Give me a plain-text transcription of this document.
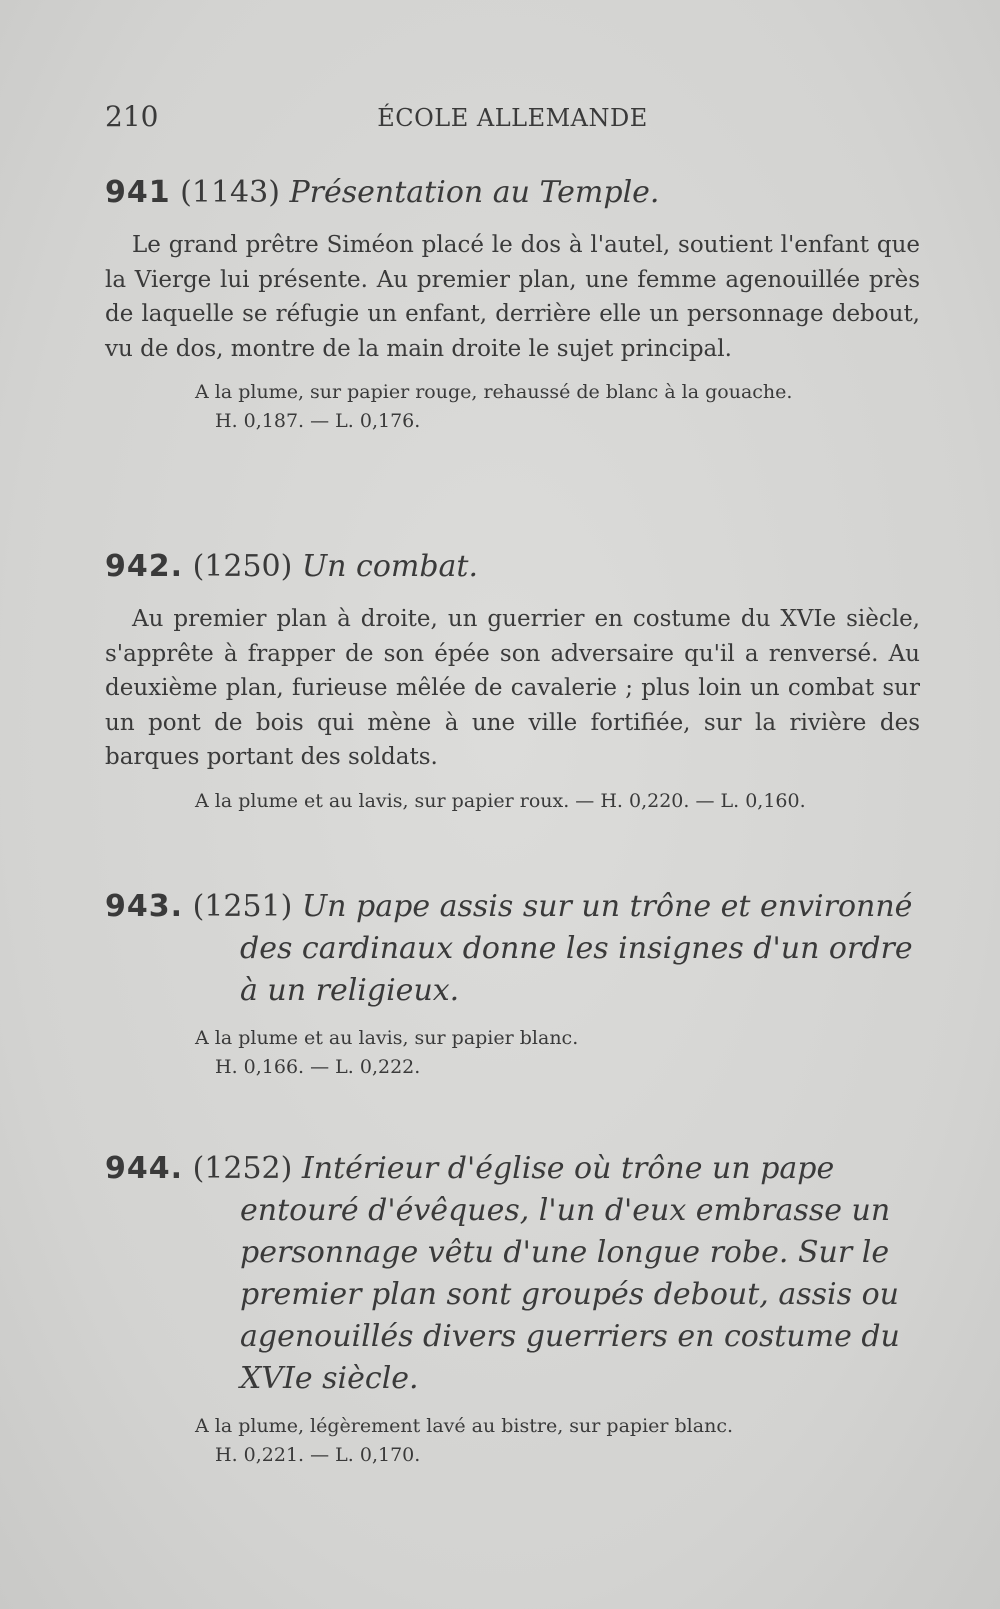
210	ÉCOLE ALLEMANDE

941 (1143) Présentation au Temple.

Le grand prêtre Siméon placé le dos à l'autel, soutient l'enfant que la Vierge lui présente. Au premier plan, une femme agenouillée près de laquelle se réfugie un enfant, derrière elle un personnage debout, vu de dos, montre de la main droite le sujet principal.

A la plume, sur papier rouge, rehaussé de blanc à la gouache.
H. 0,187. — L. 0,176.

942. (1250) Un combat.

Au premier plan à droite, un guerrier en costume du XVIe siècle, s'apprête à frapper de son épée son adversaire qu'il a renversé. Au deuxième plan, furieuse mêlée de cavalerie ; plus loin un combat sur un pont de bois qui mène à une ville fortifiée, sur la rivière des barques portant des soldats.

A la plume et au lavis, sur papier roux. — H. 0,220. — L. 0,160.

943. (1251) Un pape assis sur un trône et environné des cardinaux donne les insignes d'un ordre à un religieux.

A la plume et au lavis, sur papier blanc.
H. 0,166. — L. 0,222.

944. (1252) Intérieur d'église où trône un pape entouré d'évêques, l'un d'eux embrasse un personnage vêtu d'une longue robe. Sur le premier plan sont groupés debout, assis ou agenouillés divers guerriers en costume du XVIe siècle.

A la plume, légèrement lavé au bistre, sur papier blanc.
H. 0,221. — L. 0,170.
